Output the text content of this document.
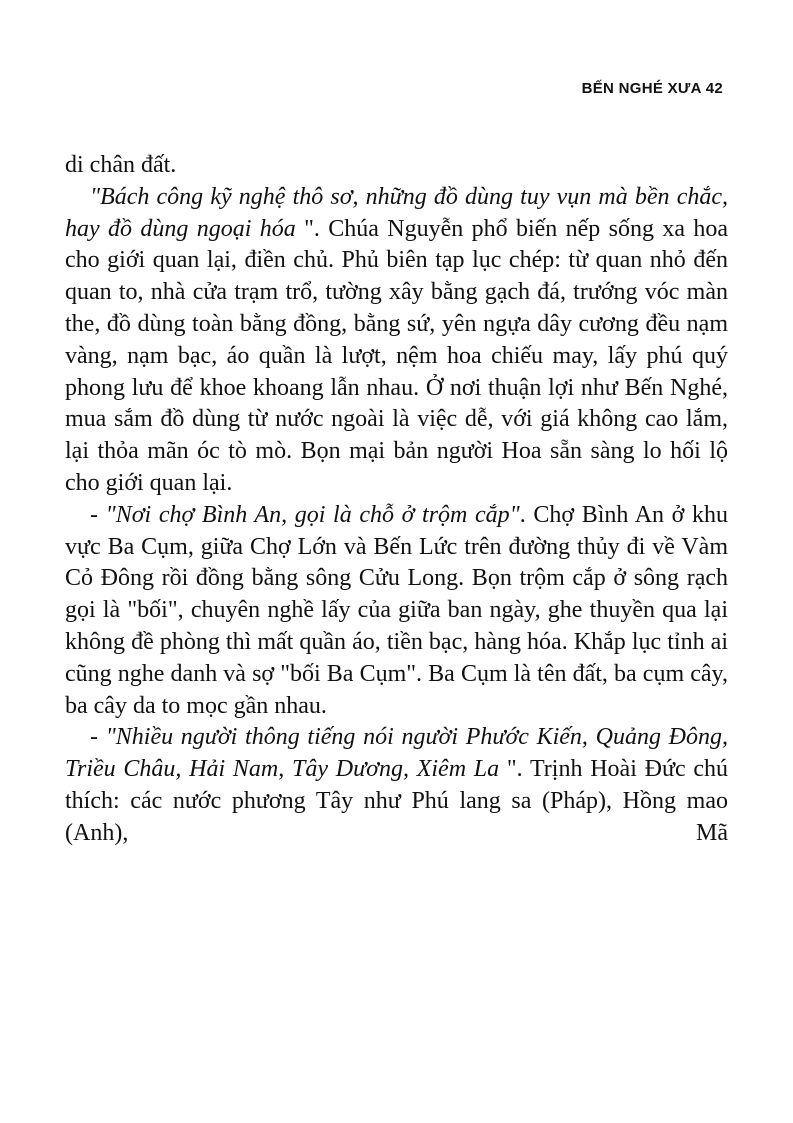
BẾN NGHÉ XƯA 42

di chân đất.

"Bách công kỹ nghệ thô sơ, những đồ dùng tuy vụn mà bền chắc, hay đồ dùng ngoại hóa ". Chúa Nguyễn phổ biến nếp sống xa hoa cho giới quan lại, điền chủ. Phủ biên tạp lục chép: từ quan nhỏ đến quan to, nhà cửa trạm trổ, tường xây bằng gạch đá, trướng vóc màn the, đồ dùng toàn bằng đồng, bằng sứ, yên ngựa dây cương đều nạm vàng, nạm bạc, áo quần là lượt, nệm hoa chiếu may, lấy phú quý phong lưu để khoe khoang lẫn nhau. Ở nơi thuận lợi như Bến Nghé, mua sắm đồ dùng từ nước ngoài là việc dễ, với giá không cao lắm, lại thỏa mãn óc tò mò. Bọn mại bản người Hoa sẵn sàng lo hối lộ cho giới quan lại.

- "Nơi chợ Bình An, gọi là chỗ ở trộm cắp". Chợ Bình An ở khu vực Ba Cụm, giữa Chợ Lớn và Bến Lức trên đường thủy đi về Vàm Cỏ Đông rồi đồng bằng sông Cửu Long. Bọn trộm cắp ở sông rạch gọi là "bối", chuyên nghề lấy của giữa ban ngày, ghe thuyền qua lại không đề phòng thì mất quần áo, tiền bạc, hàng hóa. Khắp lục tỉnh ai cũng nghe danh và sợ "bối Ba Cụm". Ba Cụm là tên đất, ba cụm cây, ba cây da to mọc gần nhau.

- "Nhiều người thông tiếng nói người Phước Kiến, Quảng Đông, Triều Châu, Hải Nam, Tây Dương, Xiêm La ". Trịnh Hoài Đức chú thích: các nước phương Tây như Phú lang sa (Pháp), Hồng mao (Anh), Mã
